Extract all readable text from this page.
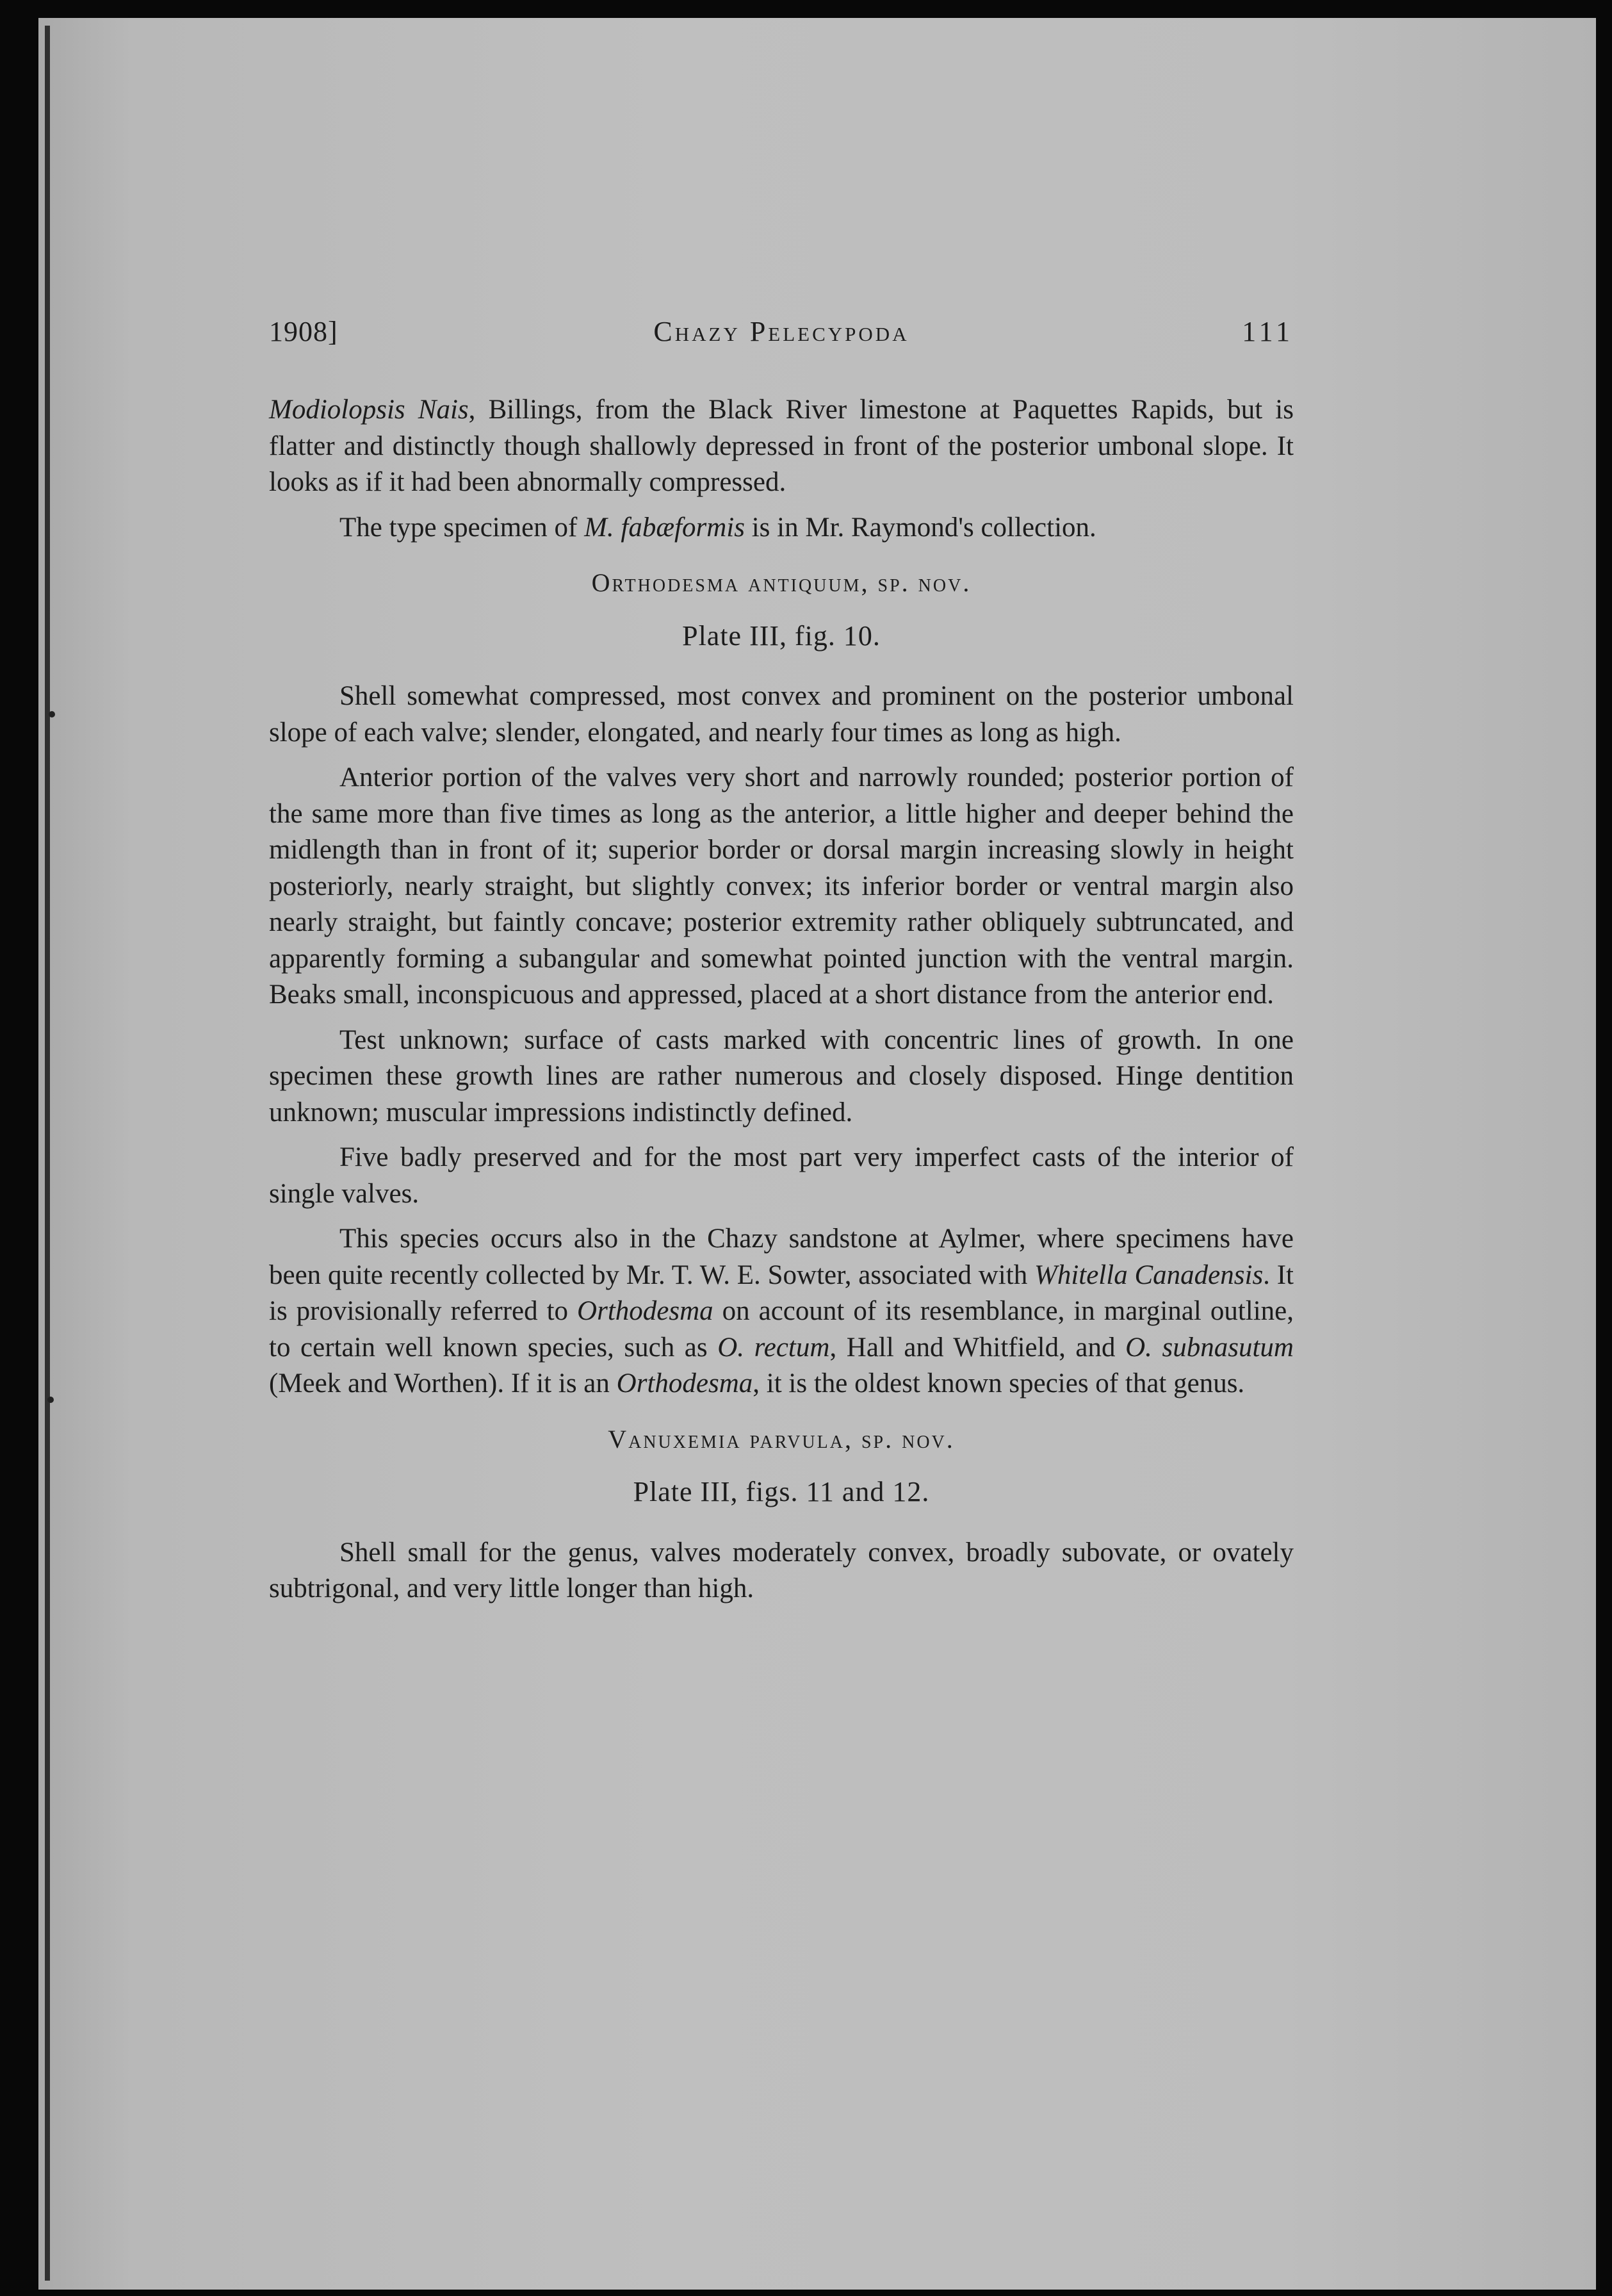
1908]	Chazy Pelecypoda	111

Modiolopsis Nais, Billings, from the Black River limestone at Paquettes Rapids, but is flatter and distinctly though shallowly depressed in front of the posterior umbonal slope. It looks as if it had been abnormally compressed.

The type specimen of M. fabæformis is in Mr. Raymond's collection.

Orthodesma antiquum, sp. nov.
Plate III, fig. 10.

Shell somewhat compressed, most convex and prominent on the posterior umbonal slope of each valve; slender, elongated, and nearly four times as long as high.

Anterior portion of the valves very short and narrowly rounded; posterior portion of the same more than five times as long as the anterior, a little higher and deeper behind the midlength than in front of it; superior border or dorsal margin increasing slowly in height posteriorly, nearly straight, but slightly convex; its inferior border or ventral margin also nearly straight, but faintly concave; posterior extremity rather obliquely subtruncated, and apparently forming a subangular and somewhat pointed junction with the ventral margin. Beaks small, inconspicuous and appressed, placed at a short distance from the anterior end.

Test unknown; surface of casts marked with concentric lines of growth. In one specimen these growth lines are rather numerous and closely disposed. Hinge dentition unknown; muscular impressions indistinctly defined.

Five badly preserved and for the most part very imperfect casts of the interior of single valves.

This species occurs also in the Chazy sandstone at Aylmer, where specimens have been quite recently collected by Mr. T. W. E. Sowter, associated with Whitella Canadensis. It is provisionally referred to Orthodesma on account of its resemblance, in marginal outline, to certain well known species, such as O. rectum, Hall and Whitfield, and O. subnasutum (Meek and Worthen). If it is an Orthodesma, it is the oldest known species of that genus.

Vanuxemia parvula, sp. nov.
Plate III, figs. 11 and 12.

Shell small for the genus, valves moderately convex, broadly subovate, or ovately subtrigonal, and very little longer than high.
